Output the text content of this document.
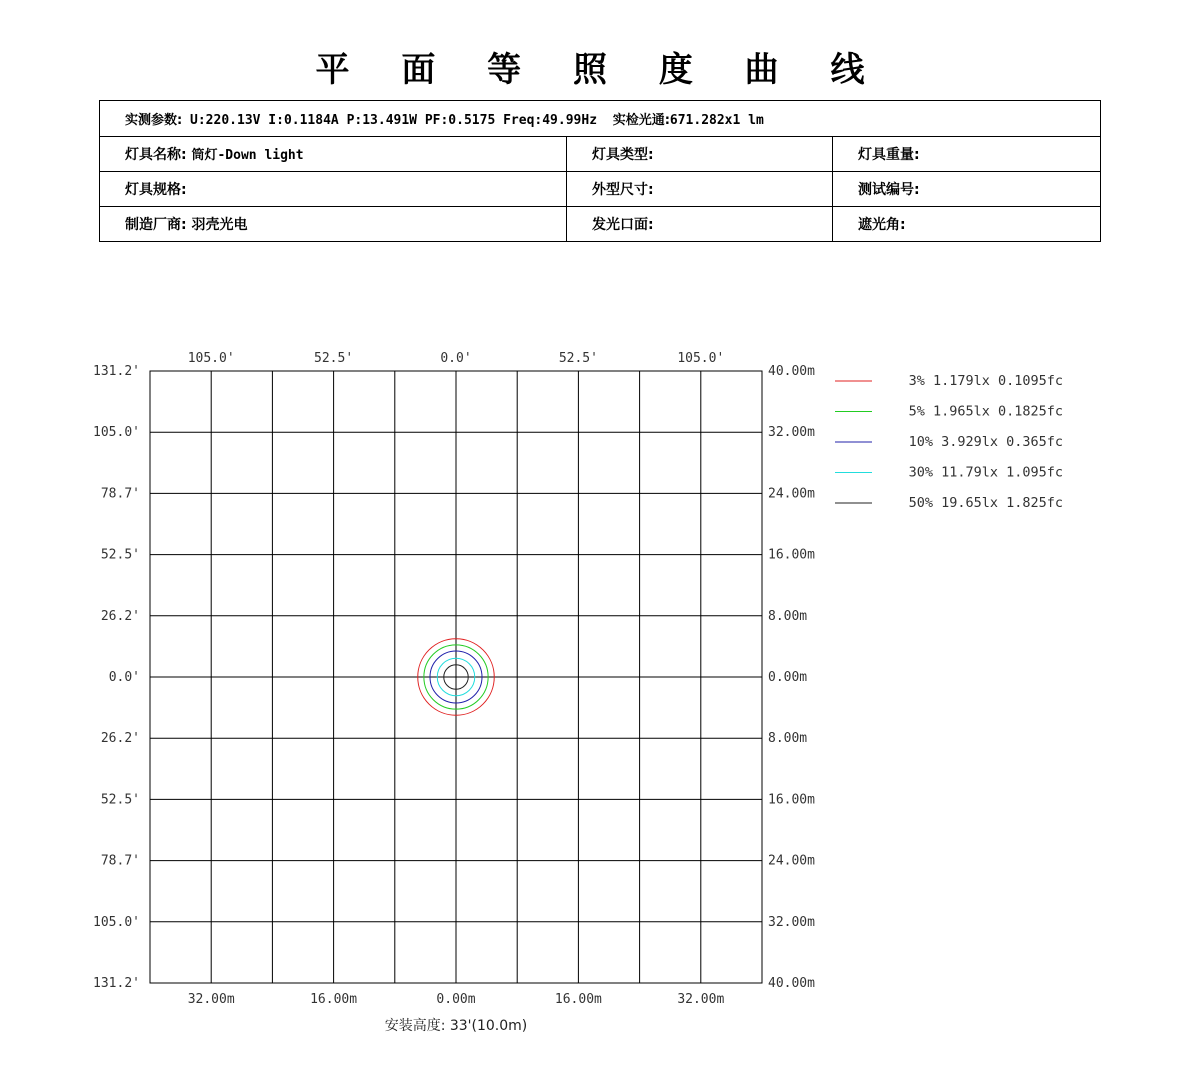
平 面 等 照 度 曲 线
实测参数: U:220.13V I:0.1184A P:13.491W PF:0.5175 Freq:49.99Hz 实检光通:671.282x1 lm		
灯具名称: 筒灯-Down light	灯具类型:	灯具重量:
灯具规格:	外型尺寸:	测试编号:
制造厂商: 羽壳光电	发光口面:	遮光角:
105.0'	52.5'	0.0'	52.5'	105.0'
32.00m	16.00m	0.00m	16.00m	32.00m
131.2'	40.00m
105.0'	32.00m
78.7'	24.00m
52.5'	16.00m
26.2'	8.00m
0.0'	0.00m
26.2'	8.00m
52.5'	16.00m
78.7'	24.00m
105.0'	32.00m
131.2'	40.00m
安装高度: 33'(10.0m)
3% 1.179lx 0.1095fc
5% 1.965lx 0.1825fc
10% 3.929lx 0.365fc
30% 11.79lx 1.095fc
50% 19.65lx 1.825fc
